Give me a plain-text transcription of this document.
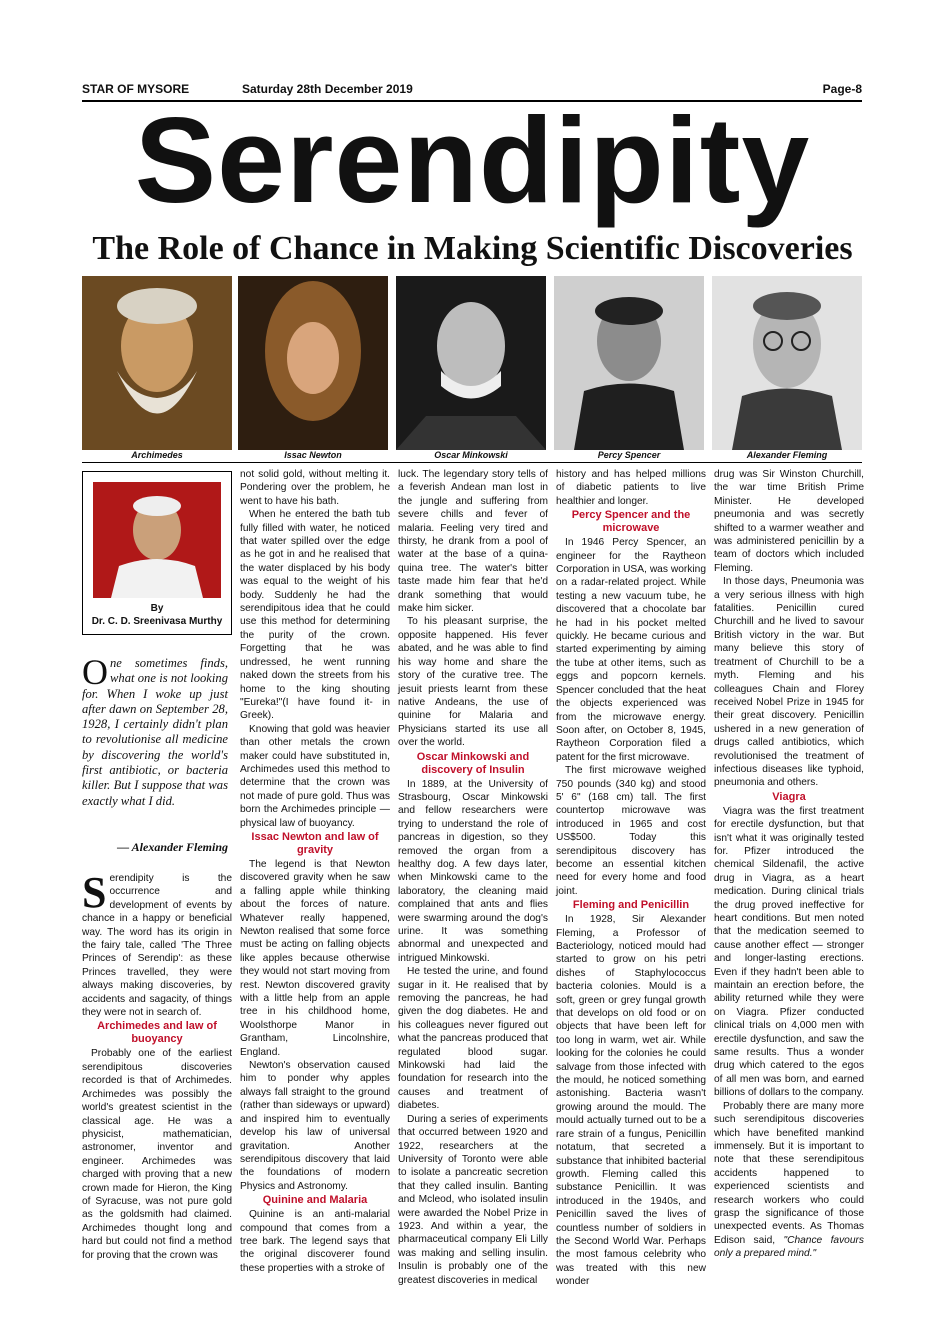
STAR OF MYSORE	Saturday 28th December 2019	Page-8
Serendipity
The Role of Chance in Making Scientific Discoveries
Archimedes	Issac Newton	Oscar Minkowski	Percy Spencer	Alexander Fleming
By
Dr. C. D. Sreenivasa Murthy
One sometimes finds, what one is not looking for. When I woke up just after dawn on September 28, 1928, I certainly didn't plan to revolutionise all medicine by discovering the world's first antibiotic, or bacteria killer. But I suppose that was exactly what I did.
— Alexander Fleming

Serendipity is the occurrence and development of events by chance in a happy or beneficial way. The word has its origin in the fairy tale, called 'The Three Princes of Serendip': as these Princes travelled, they were always making discoveries, by accidents and sagacity, of things they were not in search of.

Archimedes and law of buoyancy

Probably one of the earliest serendipitous discoveries recorded is that of Archimedes. Archimedes was possibly the world's greatest scientist in the classical age. He was a physicist, mathematician, astronomer, inventor and engineer. Archimedes was charged with proving that a new crown made for Hieron, the King of Syracuse, was not pure gold as the goldsmith had claimed. Archimedes thought long and hard but could not find a method for proving that the crown was

not solid gold, without melting it. Pondering over the problem, he went to have his bath.

When he entered the bath tub fully filled with water, he noticed that water spilled over the edge as he got in and he realised that the water displaced by his body was equal to the weight of his body. Suddenly he had the serendipitous idea that he could use this method for determining the purity of the crown. Forgetting that he was undressed, he went running naked down the streets from his home to the king shouting "Eureka!"(I have found it- in Greek).

Knowing that gold was heavier than other metals the crown maker could have substituted in, Archimedes used this method to determine that the crown was not made of pure gold. Thus was born the Archimedes principle — physical law of buoyancy.

Issac Newton and law of gravity

The legend is that Newton discovered gravity when he saw a falling apple while thinking about the forces of nature. Whatever really happened, Newton realised that some force must be acting on falling objects like apples because otherwise they would not start moving from rest. Newton discovered gravity with a little help from an apple tree in his childhood home, Woolsthorpe Manor in Grantham, Lincolnshire, England.

Newton's observation caused him to ponder why apples always fall straight to the ground (rather than sideways or upward) and inspired him to eventually develop his law of universal gravitation. Another serendipitous discovery that laid the foundations of modern Physics and Astronomy.

Quinine and Malaria

Quinine is an anti-malarial compound that comes from a tree bark. The legend says that the original discoverer found these properties with a stroke of

luck. The legendary story tells of a feverish Andean man lost in the jungle and suffering from severe chills and fever of malaria. Feeling very tired and thirsty, he drank from a pool of water at the base of a quina-quina tree. The water's bitter taste made him fear that he'd drank something that would make him sicker.

To his pleasant surprise, the opposite happened. His fever abated, and he was able to find his way home and share the story of the curative tree. The jesuit priests learnt from these native Andeans, the use of quinine for Malaria and Physicians started its use all over the world.

Oscar Minkowski and discovery of Insulin

In 1889, at the University of Strasbourg, Oscar Minkowski and fellow researchers were trying to understand the role of pancreas in digestion, so they removed the organ from a healthy dog. A few days later, when Minkowski came to the laboratory, the cleaning maid complained that ants and flies were swarming around the dog's urine. It was something abnormal and unexpected and intrigued Minkowski.

He tested the urine, and found sugar in it. He realised that by removing the pancreas, he had given the dog diabetes. He and his colleagues never figured out what the pancreas produced that regulated blood sugar. Minkowski had laid the foundation for research into the causes and treatment of diabetes.

During a series of experiments that occurred between 1920 and 1922, researchers at the University of Toronto were able to isolate a pancreatic secretion that they called insulin. Banting and Mcleod, who isolated insulin were awarded the Nobel Prize in 1923. And within a year, the pharmaceutical company Eli Lilly was making and selling insulin. Insulin is probably one of the greatest discoveries in medical

history and has helped millions of diabetic patients to live healthier and longer.

Percy Spencer and the microwave

In 1946 Percy Spencer, an engineer for the Raytheon Corporation in USA, was working on a radar-related project. While testing a new vacuum tube, he discovered that a chocolate bar he had in his pocket melted quickly. He became curious and started experimenting by aiming the tube at other items, such as eggs and popcorn kernels. Spencer concluded that the heat the objects experienced was from the microwave energy. Soon after, on October 8, 1945, Raytheon Corporation filed a patent for the first microwave.

The first microwave weighed 750 pounds (340 kg) and stood 5' 6" (168 cm) tall. The first countertop microwave was introduced in 1965 and cost US$500. Today this serendipitous discovery has become an essential kitchen need for every home and food joint.

Fleming and Penicillin

In 1928, Sir Alexander Fleming, a Professor of Bacteriology, noticed mould had started to grow on his petri dishes of Staphylococcus bacteria colonies. Mould is a soft, green or grey fungal growth that develops on old food or on objects that have been left for too long in warm, wet air. While looking for the colonies he could salvage from those infected with the mould, he noticed something astonishing. Bacteria wasn't growing around the mould. The mould actually turned out to be a rare strain of a fungus, Penicillin notatum, that secreted a substance that inhibited bacterial growth. Fleming called this substance Penicillin. It was introduced in the 1940s, and Penicillin saved the lives of countless number of soldiers in the Second World War. Perhaps the most famous celebrity who was treated with this new wonder

drug was Sir Winston Churchill, the war time British Prime Minister. He developed pneumonia and was secretly shifted to a warmer weather and was administered penicillin by a team of doctors which included Fleming.

In those days, Pneumonia was a very serious illness with high fatalities. Penicillin cured Churchill and he lived to savour British victory in the war. But many believe this story of treatment of Churchill to be a myth. Fleming and his colleagues Chain and Florey received Nobel Prize in 1945 for their great discovery. Penicillin ushered in a new generation of drugs called antibiotics, which revolutionised the treatment of infectious diseases like typhoid, pneumonia and others.

Viagra

Viagra was the first treatment for erectile dysfunction, but that isn't what it was originally tested for. Pfizer introduced the chemical Sildenafil, the active drug in Viagra, as a heart medication. During clinical trials the drug proved ineffective for heart conditions. But men noted that the medication seemed to cause another effect — stronger and longer-lasting erections. Even if they hadn't been able to maintain an erection before, the ability returned while they were on Viagra. Pfizer conducted clinical trials on 4,000 men with erectile dysfunction, and saw the same results. Thus a wonder drug which catered to the egos of all men was born, and earned billions of dollars to the company.

Probably there are many more such serendipitous discoveries which have benefited mankind immensely. But it is important to note that these serendipitous accidents happened to experienced scientists and research workers who could grasp the significance of those unexpected events. As Thomas Edison said, "Chance favours only a prepared mind."
